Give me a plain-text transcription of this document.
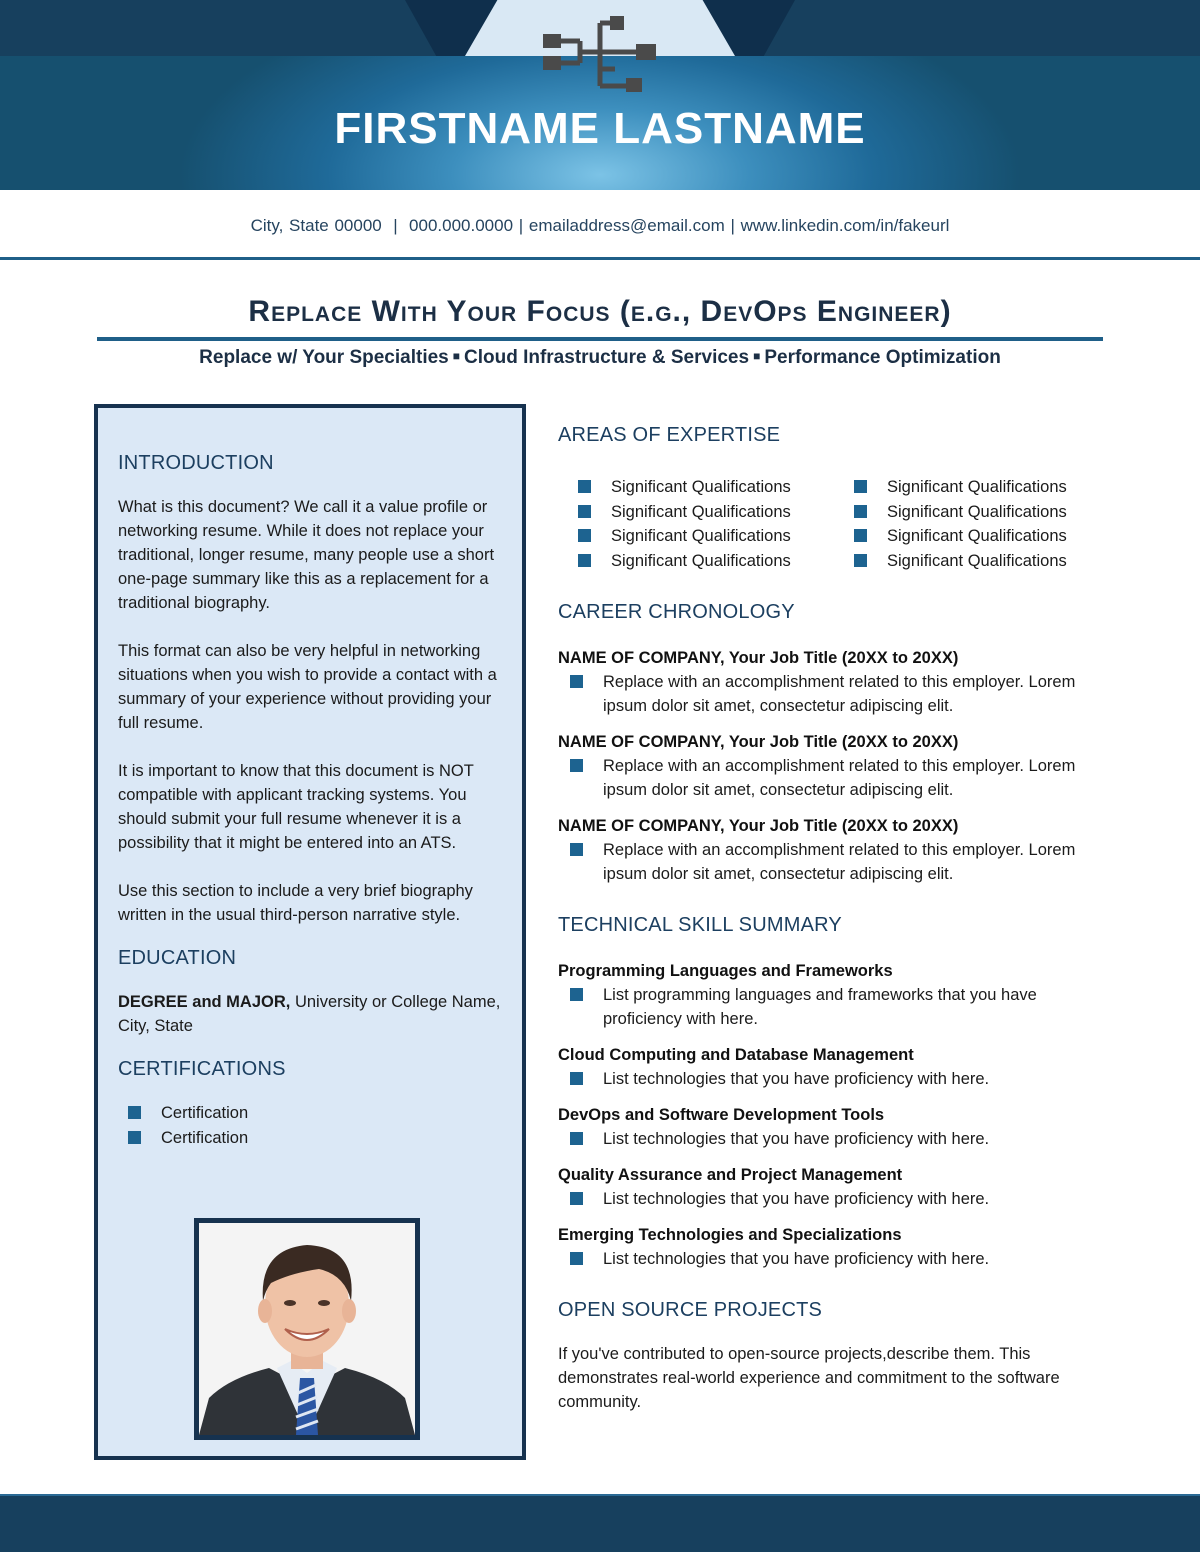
FIRSTNAME LASTNAME
City, State 00000  |  000.000.0000 | emailaddress@email.com | www.linkedin.com/in/fakeurl
Replace With Your Focus (e.g., DevOps Engineer)
Replace w/ Your Specialties ■ Cloud Infrastructure & Services ■ Performance Optimization
INTRODUCTION

What is this document? We call it a value profile or networking resume. While it does not replace your traditional, longer resume, many people use a short one-page summary like this as a replacement for a traditional biography.

This format can also be very helpful in networking situations when you wish to provide a contact with a summary of your experience without providing your full resume.

It is important to know that this document is NOT compatible with applicant tracking systems. You should submit your full resume whenever it is a possibility that it might be entered into an ATS.

Use this section to include a very brief biography written in the usual third-person narrative style.

EDUCATION

DEGREE and MAJOR, University or College Name, City, State

CERTIFICATIONS
Certification
Certification
AREAS OF EXPERTISE
Significant Qualifications
Significant Qualifications
Significant Qualifications
Significant Qualifications
Significant Qualifications
Significant Qualifications
Significant Qualifications
Significant Qualifications
CAREER CHRONOLOGY
NAME OF COMPANY, Your Job Title (20XX to 20XX)
Replace with an accomplishment related to this employer. Lorem ipsum dolor sit amet, consectetur adipiscing elit.
NAME OF COMPANY, Your Job Title (20XX to 20XX)
Replace with an accomplishment related to this employer. Lorem ipsum dolor sit amet, consectetur adipiscing elit.
NAME OF COMPANY, Your Job Title (20XX to 20XX)
Replace with an accomplishment related to this employer. Lorem ipsum dolor sit amet, consectetur adipiscing elit.
TECHNICAL SKILL SUMMARY
Programming Languages and Frameworks
List programming languages and frameworks that you have proficiency with here.
Cloud Computing and Database Management
List technologies that you have proficiency with here.
DevOps and Software Development Tools
List technologies that you have proficiency with here.
Quality Assurance and Project Management
List technologies that you have proficiency with here.
Emerging Technologies and Specializations
List technologies that you have proficiency with here.
OPEN SOURCE PROJECTS

If you've contributed to open-source projects,describe them. This demonstrates real-world experience and commitment to the software community.
